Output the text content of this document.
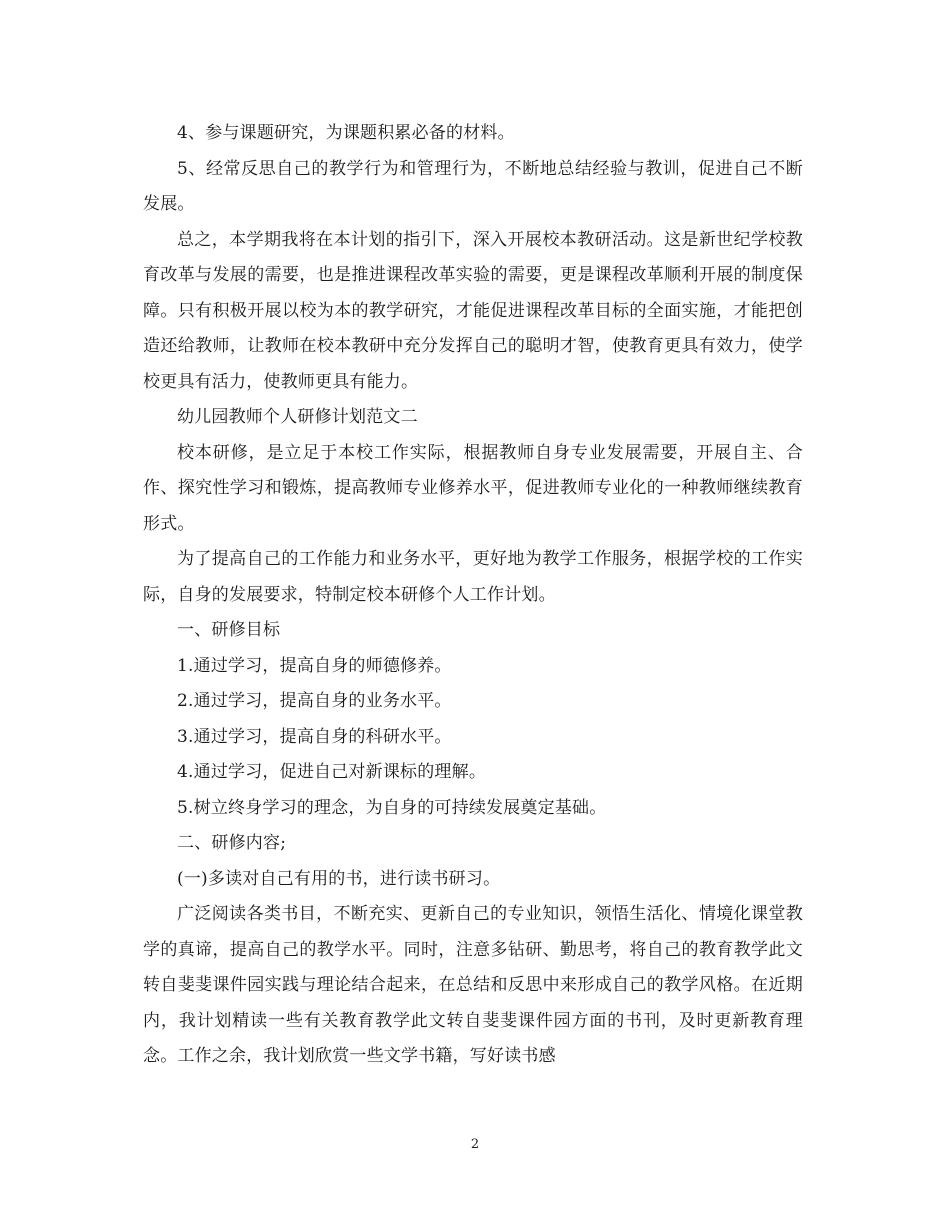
4、参与课题研究，为课题积累必备的材料。

5、经常反思自己的教学行为和管理行为，不断地总结经验与教训，促进自己不断发展。

总之，本学期我将在本计划的指引下，深入开展校本教研活动。这是新世纪学校教育改革与发展的需要，也是推进课程改革实验的需要，更是课程改革顺利开展的制度保障。只有积极开展以校为本的教学研究，才能促进课程改革目标的全面实施，才能把创造还给教师，让教师在校本教研中充分发挥自己的聪明才智，使教育更具有效力，使学校更具有活力，使教师更具有能力。

幼儿园教师个人研修计划范文二

校本研修，是立足于本校工作实际，根据教师自身专业发展需要，开展自主、合作、探究性学习和锻炼，提高教师专业修养水平，促进教师专业化的一种教师继续教育形式。

为了提高自己的工作能力和业务水平，更好地为教学工作服务，根据学校的工作实际，自身的发展要求，特制定校本研修个人工作计划。

一、研修目标

1.通过学习，提高自身的师德修养。

2.通过学习，提高自身的业务水平。

3.通过学习，提高自身的科研水平。

4.通过学习，促进自己对新课标的理解。

5.树立终身学习的理念，为自身的可持续发展奠定基础。

二、研修内容;

(一)多读对自己有用的书，进行读书研习。

广泛阅读各类书目，不断充实、更新自己的专业知识，领悟生活化、情境化课堂教学的真谛，提高自己的教学水平。同时，注意多钻研、勤思考，将自己的教育教学此文转自斐斐课件园实践与理论结合起来，在总结和反思中来形成自己的教学风格。在近期内，我计划精读一些有关教育教学此文转自斐斐课件园方面的书刊，及时更新教育理念。工作之余，我计划欣赏一些文学书籍，写好读书感

2
